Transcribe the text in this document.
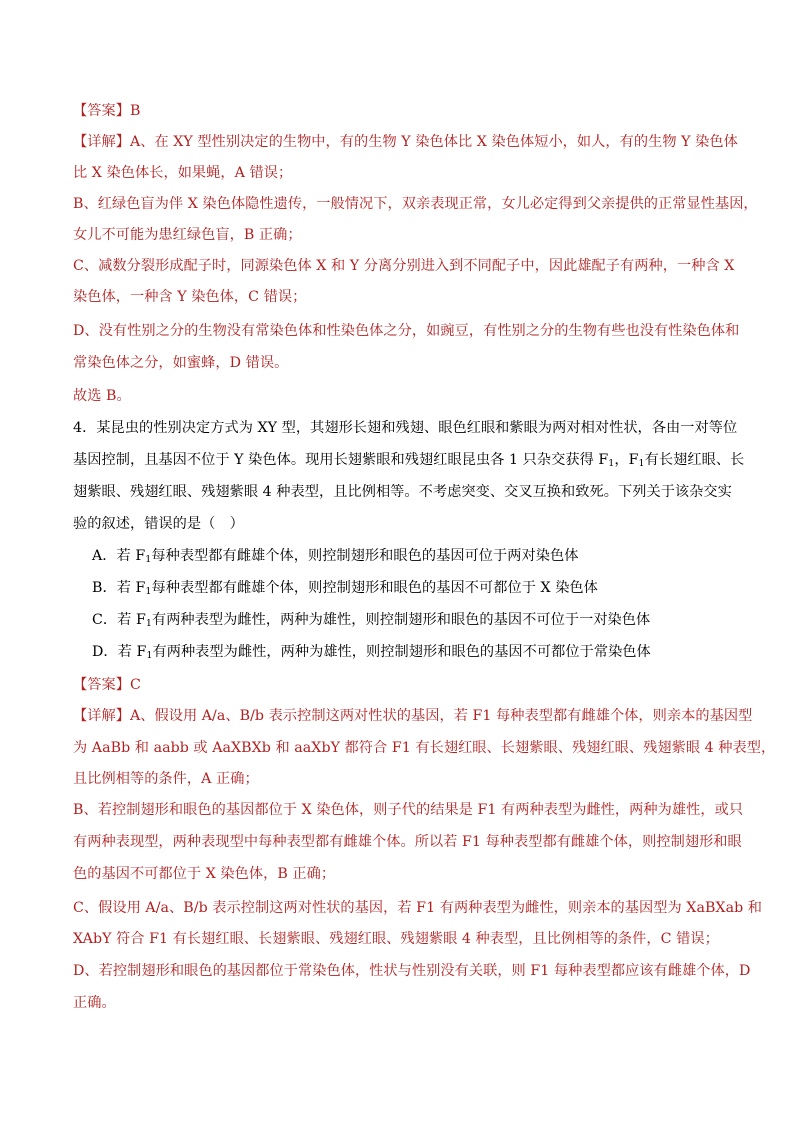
【答案】B
【详解】A、在 XY 型性别决定的生物中，有的生物 Y 染色体比 X 染色体短小，如人，有的生物 Y 染色体
比 X 染色体长，如果蝇，A 错误；
B、红绿色盲为伴 X 染色体隐性遗传，一般情况下，双亲表现正常，女儿必定得到父亲提供的正常显性基因，
女儿不可能为患红绿色盲，B 正确；
C、减数分裂形成配子时，同源染色体 X 和 Y 分离分别进入到不同配子中，因此雄配子有两种，一种含 X
染色体，一种含 Y 染色体，C 错误；
D、没有性别之分的生物没有常染色体和性染色体之分，如豌豆，有性别之分的生物有些也没有性染色体和
常染色体之分，如蜜蜂，D 错误。
故选 B。
4．某昆虫的性别决定方式为 XY 型，其翅形长翅和残翅、眼色红眼和紫眼为两对相对性状，各由一对等位
基因控制，且基因不位于 Y 染色体。现用长翅紫眼和残翅红眼昆虫各 1 只杂交获得 $F_1$，$F_1$有长翅红眼、长
翅紫眼、残翅红眼、残翅紫眼 4 种表型，且比例相等。不考虑突变、交叉互换和致死。下列关于该杂交实
验的叙述，错误的是（　）
A．若 $F_1$每种表型都有雌雄个体，则控制翅形和眼色的基因可位于两对染色体
B．若 $F_1$每种表型都有雌雄个体，则控制翅形和眼色的基因不可都位于 X 染色体
C．若 $F_1$有两种表型为雌性，两种为雄性，则控制翅形和眼色的基因不可位于一对染色体
D．若 $F_1$有两种表型为雌性，两种为雄性，则控制翅形和眼色的基因不可都位于常染色体
【答案】C
【详解】A、假设用 A/a、B/b 表示控制这两对性状的基因，若 F1 每种表型都有雌雄个体，则亲本的基因型
为 AaBb 和 aabb 或 AaXBXb 和 aaXbY 都符合 F1 有长翅红眼、长翅紫眼、残翅红眼、残翅紫眼 4 种表型，
且比例相等的条件，A 正确；
B、若控制翅形和眼色的基因都位于 X 染色体，则子代的结果是 F1 有两种表型为雌性，两种为雄性，或只
有两种表现型，两种表现型中每种表型都有雌雄个体。所以若 F1 每种表型都有雌雄个体，则控制翅形和眼
色的基因不可都位于 X 染色体，B 正确；
C、假设用 A/a、B/b 表示控制这两对性状的基因，若 F1 有两种表型为雌性，则亲本的基因型为 XaBXab 和
XAbY 符合 F1 有长翅红眼、长翅紫眼、残翅红眼、残翅紫眼 4 种表型，且比例相等的条件，C 错误；
D、若控制翅形和眼色的基因都位于常染色体，性状与性别没有关联，则 F1 每种表型都应该有雌雄个体，D
正确。
